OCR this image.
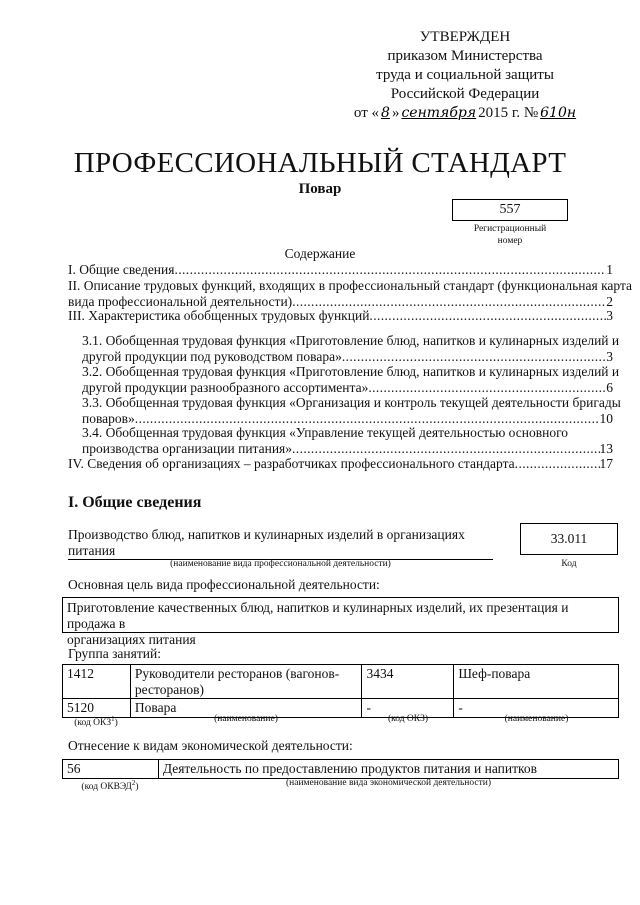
УТВЕРЖДЕН
приказом Министерства
труда и социальной защиты
Российской Федерации
от « 8 » сентября 2015 г. № 610н
ПРОФЕССИОНАЛЬНЫЙ СТАНДАРТ
Повар
557
Регистрационный
номер
Содержание
I. Общие сведения .....	1
II. Описание трудовых функций, входящих в профессиональный стандарт (функциональная карта
вида профессиональной деятельности) .....	2
III. Характеристика обобщенных трудовых функций .....	3
3.1. Обобщенная трудовая функция «Приготовление блюд, напитков и кулинарных изделий и
другой продукции под руководством повара» .....	3
3.2. Обобщенная трудовая функция «Приготовление блюд, напитков и кулинарных изделий и
другой продукции разнообразного ассортимента» .....	6
3.3. Обобщенная трудовая функция «Организация и контроль текущей деятельности бригады
поваров» .....	10
3.4. Обобщенная трудовая функция «Управление текущей деятельностью основного
производства организации питания» .....	13
IV. Сведения об организациях – разработчиках профессионального стандарта .....	17
I. Общие сведения
Производство блюд, напитков и кулинарных изделий в организациях
питания
(наименование вида профессиональной деятельности)
33.011
Код
Основная цель вида профессиональной деятельности:
Приготовление качественных блюд, напитков и кулинарных изделий, их презентация и продажа в
организациях питания
Группа занятий:
1412	Руководители ресторанов (вагонов-
ресторанов)	3434	Шеф-повара
5120	Повара	-	-
(код ОКЗ$^1$)	(наименование)	(код ОКЗ)	(наименование)
Отнесение к видам экономической деятельности:
56	Деятельность по предоставлению продуктов питания и напитков
(код ОКВЭД$^2$)	(наименование вида экономической деятельности)
